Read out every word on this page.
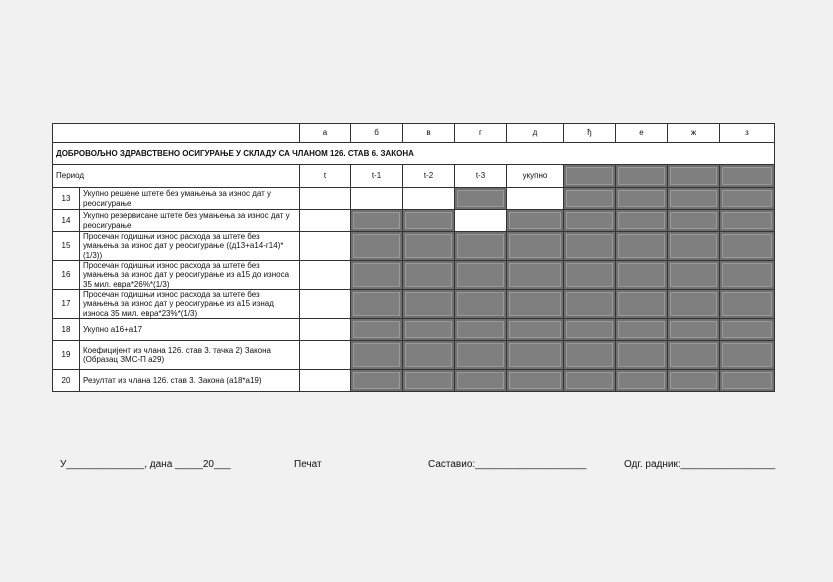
		а	б	в	г	д	ђ	е	ж	з
ДОБРОВОЉНО ЗДРАВСТВЕНО ОСИГУРАЊЕ У СКЛАДУ СА ЧЛАНОМ 126. СТАВ 6. ЗАКОНА										
Период		t	t-1	t-2	t-3	укупно				
13	Укупно решене штете без умањења за износ дат у реосигурање									
14	Укупно резервисане штете без умањења за износ дат у реосигурање									
15	Просечан годишњи износ расхода за штете без умањења за износ дат у реосигурање ((д13+а14-г14)*(1/3))									
16	Просечан годишњи износ расхода за штете без умањења за износ дат у реосигурање из а15 до износа 35 мил. евра*26%*(1/3)									
17	Просечан годишњи износ расхода за штете без умањења за износ дат у реосигурање из а15 изнад износа 35 мил. евра*23%*(1/3)									
18	Укупно а16+а17									
19	Коефицијент из члана 126. став 3. тачка 2) Закона (Образац ЗМС-П а29)									
20	Резултат из члана 126. став 3. Закона (а18*а19)									
У______________, дана _____20___	Печат	Саставио:____________________	Одг. радник:_________________
